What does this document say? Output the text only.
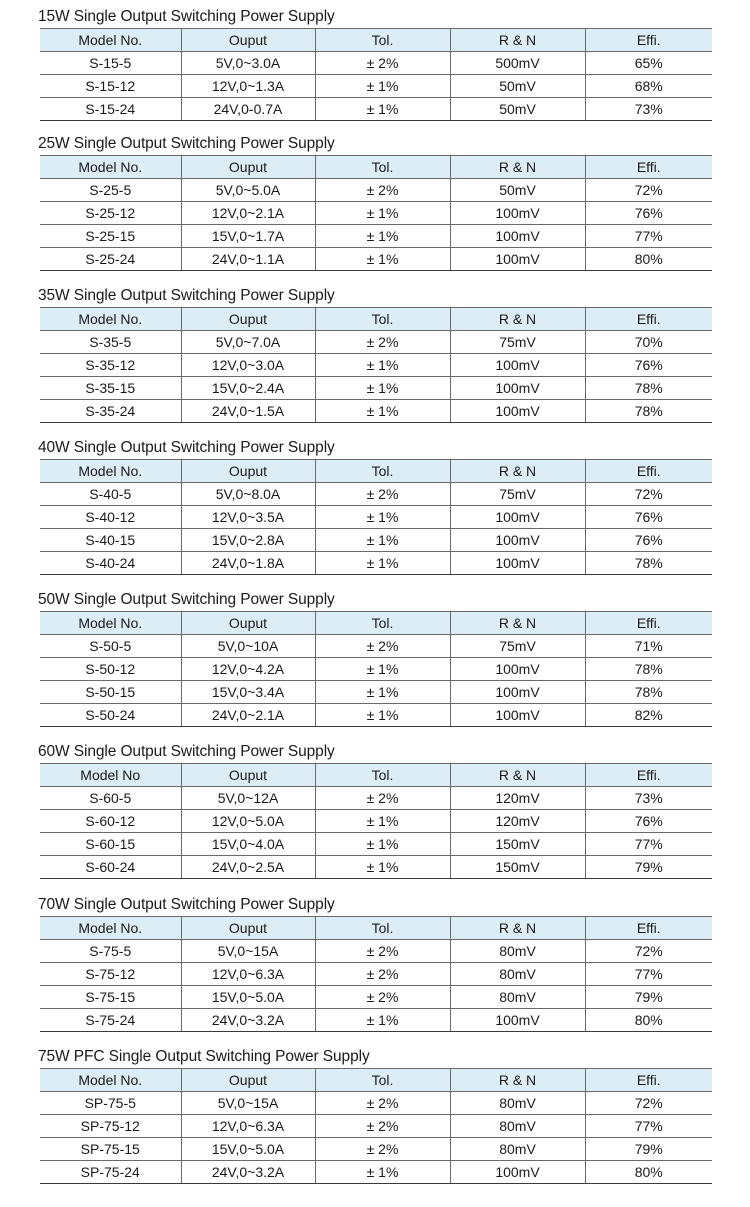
15W Single Output Switching Power Supply
Model No.	Ouput	Tol.	R & N	Effi.
S-15-5	5V,0~3.0A	± 2%	500mV	65%
S-15-12	12V,0~1.3A	± 1%	50mV	68%
S-15-24	24V,0-0.7A	± 1%	50mV	73%
25W Single Output Switching Power Supply
Model No.	Ouput	Tol.	R & N	Effi.
S-25-5	5V,0~5.0A	± 2%	50mV	72%
S-25-12	12V,0~2.1A	± 1%	100mV	76%
S-25-15	15V,0~1.7A	± 1%	100mV	77%
S-25-24	24V,0~1.1A	± 1%	100mV	80%
35W Single Output Switching Power Supply
Model No.	Ouput	Tol.	R & N	Effi.
S-35-5	5V,0~7.0A	± 2%	75mV	70%
S-35-12	12V,0~3.0A	± 1%	100mV	76%
S-35-15	15V,0~2.4A	± 1%	100mV	78%
S-35-24	24V,0~1.5A	± 1%	100mV	78%
40W Single Output Switching Power Supply
Model No.	Ouput	Tol.	R & N	Effi.
S-40-5	5V,0~8.0A	± 2%	75mV	72%
S-40-12	12V,0~3.5A	± 1%	100mV	76%
S-40-15	15V,0~2.8A	± 1%	100mV	76%
S-40-24	24V,0~1.8A	± 1%	100mV	78%
50W Single Output Switching Power Supply
Model No.	Ouput	Tol.	R & N	Effi.
S-50-5	5V,0~10A	± 2%	75mV	71%
S-50-12	12V,0~4.2A	± 1%	100mV	78%
S-50-15	15V,0~3.4A	± 1%	100mV	78%
S-50-24	24V,0~2.1A	± 1%	100mV	82%
60W Single Output Switching Power Supply
Model No	Ouput	Tol.	R & N	Effi.
S-60-5	5V,0~12A	± 2%	120mV	73%
S-60-12	12V,0~5.0A	± 1%	120mV	76%
S-60-15	15V,0~4.0A	± 1%	150mV	77%
S-60-24	24V,0~2.5A	± 1%	150mV	79%
70W Single Output Switching Power Supply
Model No.	Ouput	Tol.	R & N	Effi.
S-75-5	5V,0~15A	± 2%	80mV	72%
S-75-12	12V,0~6.3A	± 2%	80mV	77%
S-75-15	15V,0~5.0A	± 2%	80mV	79%
S-75-24	24V,0~3.2A	± 1%	100mV	80%
75W PFC Single Output Switching Power Supply
Model No.	Ouput	Tol.	R & N	Effi.
SP-75-5	5V,0~15A	± 2%	80mV	72%
SP-75-12	12V,0~6.3A	± 2%	80mV	77%
SP-75-15	15V,0~5.0A	± 2%	80mV	79%
SP-75-24	24V,0~3.2A	± 1%	100mV	80%
